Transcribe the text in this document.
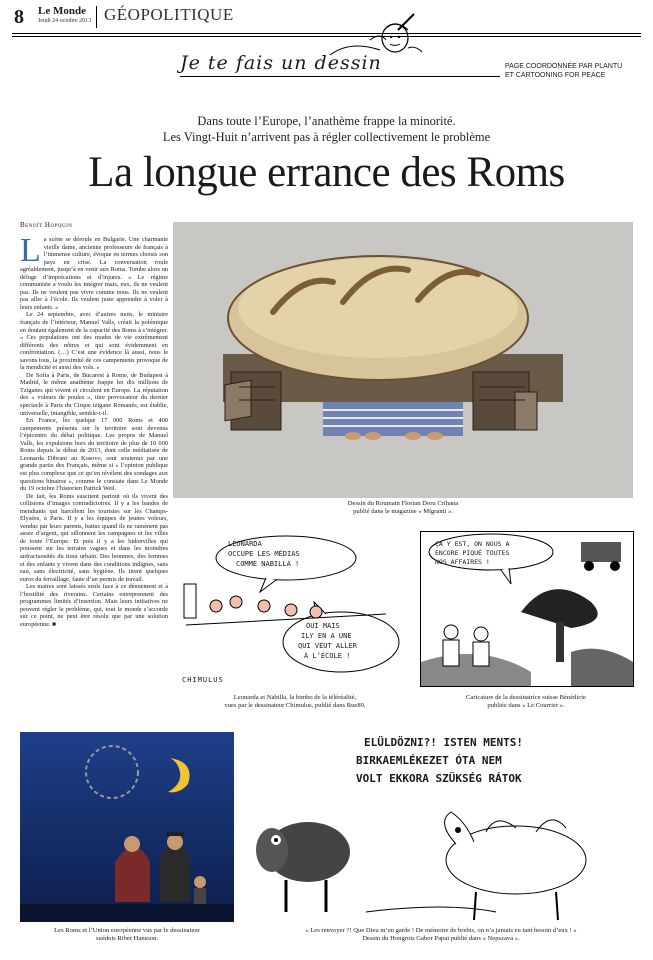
8 Le Monde
Jeudi 24 octobre 2013 GÉOPOLITIQUE
Je te fais un dessin	PAGE COORDONNÉE PAR PLANTU
ET CARTOONING FOR PEACE
Dans toute l’Europe, l’anathème frappe la minorité.
Les Vingt-Huit n’arrivent pas à régler collectivement le problème
La longue errance des Roms
Benoît Hopquin

La scène se déroule en Bulgarie. Une charmante vieille dame, ancienne professeure de français à l’immense culture, évoque en termes choisis son pays en crise. La conversation roule agréablement, jusqu’à en venir aux Roms. Tombe alors un déluge d’imprécations et d’injures. « Le régime communiste a voulu les intégrer mais, eux, ils ne veulent pas. Ils ne veulent pas vivre comme nous. Ils ne veulent pas aller à l’école. Ils veulent juste apprendre à voler à leurs enfants. »

Le 24 septembre, avec d’autres mots, le ministre français de l’intérieur, Manuel Valls, créait la polémique en doutant également de la capacité des Roms à s’intégrer. « Ces populations ont des modes de vie extrêmement différents des nôtres et qui sont évidemment en confrontation. (…) C’est une évidence là aussi, nous le savons tous, la proximité de ces campements provoque de la mendicité et aussi des vols. »

De Sofia à Paris, de Bucarest à Rome, de Budapest à Madrid, le même anathème frappe les dix millions de Tziganes qui vivent et circulent en Europe. La réputation des « voleurs de poules », titre provocateur du dernier spectacle à Paris du Cirque tzigane Romanès, est établie, universelle, intangible, semble-t-il.

En France, les quelque 17 000 Roms et 400 campements présents sur le territoire sont devenus l’épicentre du débat politique. Les propos de Manuel Valls, les expulsions hors du territoire de plus de 10 000 Roms depuis le début de 2013, dont celle médiatisée de Leonarda Dibrani au Kosovo, sont soutenus par une grande partie des Français, même si « l’opinion publique est plus complexe que ce qu’en révèlent des sondages aux questions binaires », comme le constate dans Le Monde du 19 octobre l’historien Patrick Weil.

De fait, les Roms suscitent partout où ils vivent des collisions d’images contradictoires. Il y a les bandes de mendiants qui harcèlent les touristes sur les Champs-Elysées, à Paris. Il y a les équipes de jeunes voleurs, vendus par leurs parents, battus quand ils ne ramènent pas assez d’argent, qui sillonnent les campagnes et les villes de toute l’Europe. Et puis il y a les bidonvilles qui poussent sur les terrains vagues et dans les moindres anfractuosités du tissu urbain. Des hommes, des femmes et des enfants y vivent dans des conditions indignes, sans eau, sans électricité, sans hygiène. Ils tirent quelques euros du ferraillage, faute d’un permis de travail.

Les maires sont laissés seuls face à ce dénuement et à l’hostilité des riverains. Certains entreprennent des programmes limités d’insertion. Mais leurs initiatives ne peuvent régler le problème, qui, tout le monde s’accorde sur ce point, ne peut être résolu que par une solution européenne. ■

Dessin du Roumain Florian Doru Crihana
publié dans le magazine « Migranti ».
LÉONARDA
OCCUPE LES MÉDIAS
COMME NABILLA !
OUI MAIS
ILY EN A UNE
QUI VEUT ALLER
À L’ÉCOLE !
CHIMULUS
Leonarda et Nabilla, la bimbo de la téléréalité,
vues par le dessinateur Chimulus, publié dans Rue89.
ÇA Y EST, ON NOUS A
ENCORE PIQUÉ TOUTES
NOS AFFAIRES !
Caricature de la dessinatrice suisse Bénédicte
publiée dans « Le Courrier ».
Les Roms et l’Union européenne vus par le dessinateur
suédois Riber Hansson.
ELÜLDÖZNI?! ISTEN MENTS!
BIRKAEMLÉKEZET ÓTA NEM
VOLT EKKORA SZÜKSÉG RÁTOK
« Les renvoyer ?! Que Dieu m’en garde ! De mémoire de brebis, on n’a jamais eu tant besoin d’eux ! »
Dessin du Hongrois Gabor Papai publié dans « Nepszava ».
